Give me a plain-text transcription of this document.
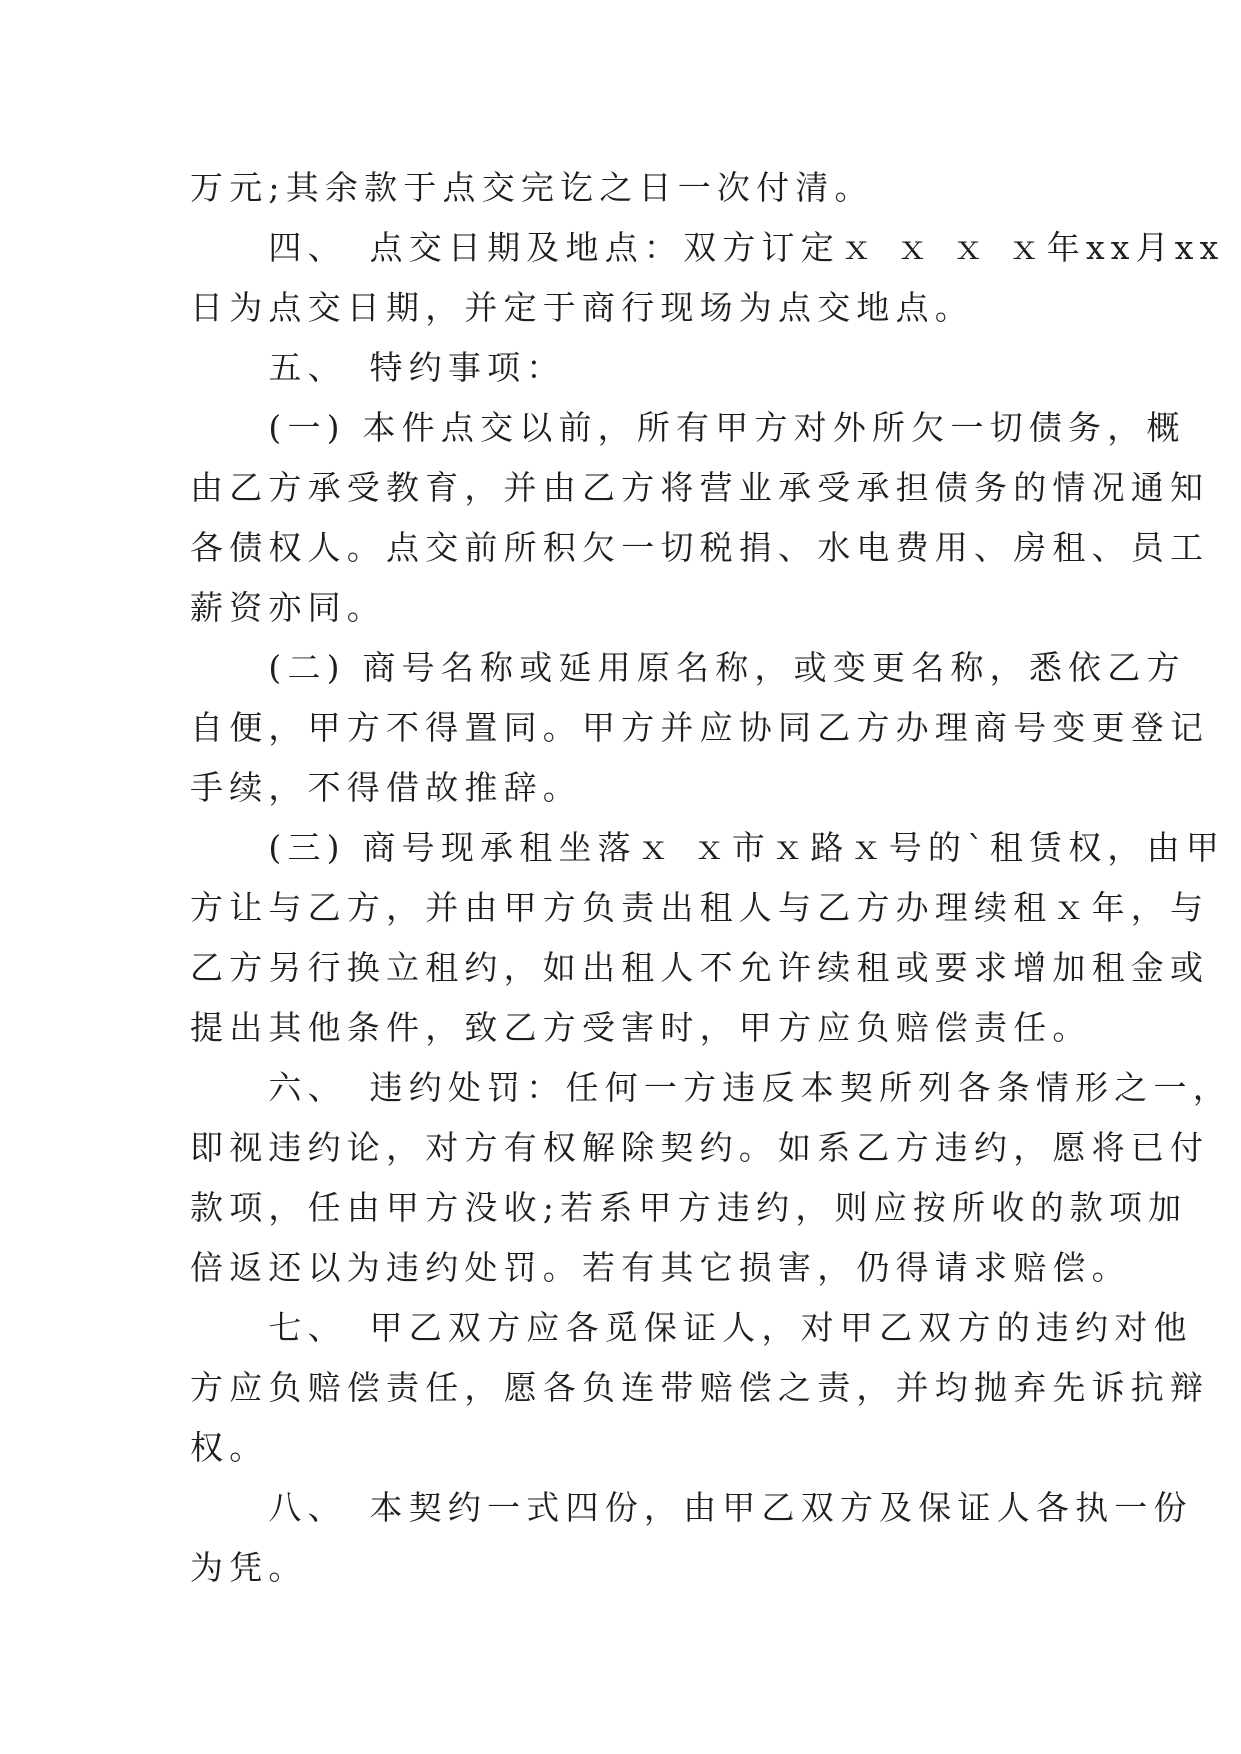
万元;其余款于点交完讫之日一次付清。
　　四、　点交日期及地点：双方订定ｘ ｘ ｘ ｘ年xx月xx
日为点交日期，并定于商行现场为点交地点。
　　五、　特约事项：
　　(一) 本件点交以前，所有甲方对外所欠一切债务，概
由乙方承受教育，并由乙方将营业承受承担债务的情况通知
各债权人。点交前所积欠一切税捐、水电费用、房租、员工
薪资亦同。
　　(二) 商号名称或延用原名称，或变更名称，悉依乙方
自便，甲方不得置同。甲方并应协同乙方办理商号变更登记
手续，不得借故推辞。
　　(三) 商号现承租坐落ｘ ｘ市ｘ路ｘ号的`租赁权，由甲
方让与乙方，并由甲方负责出租人与乙方办理续租ｘ年，与
乙方另行换立租约，如出租人不允许续租或要求增加租金或
提出其他条件，致乙方受害时，甲方应负赔偿责任。
　　六、　违约处罚：任何一方违反本契所列各条情形之一，
即视违约论，对方有权解除契约。如系乙方违约，愿将已付
款项，任由甲方没收;若系甲方违约，则应按所收的款项加
倍返还以为违约处罚。若有其它损害，仍得请求赔偿。
　　七、　甲乙双方应各觅保证人，对甲乙双方的违约对他
方应负赔偿责任，愿各负连带赔偿之责，并均抛弃先诉抗辩
权。
　　八、　本契约一式四份，由甲乙双方及保证人各执一份
为凭。
